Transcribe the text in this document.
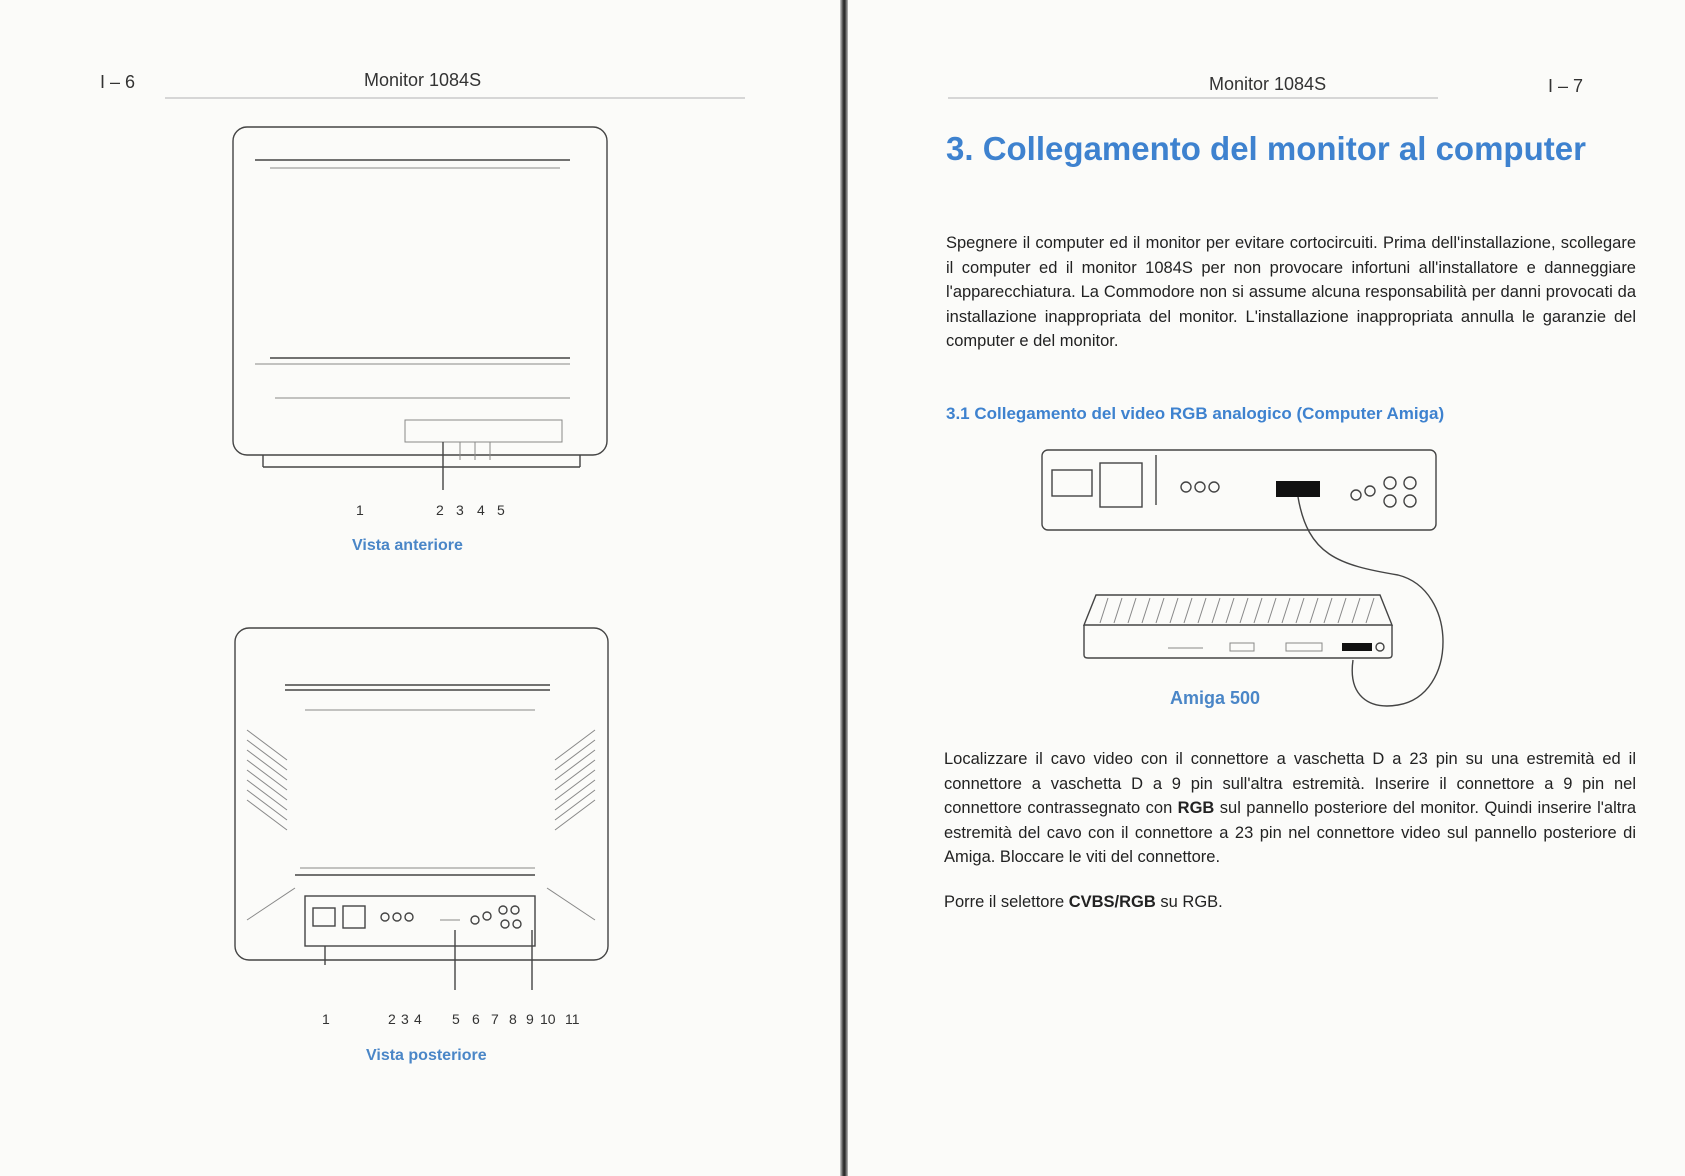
I – 6	Monitor 1084S
1	2 3 4 5
Vista anteriore
1	2 3 4 5 6 7 8 9 10 11
Vista posteriore
Monitor 1084S	I – 7
3. Collegamento del monitor al computer

Spegnere il computer ed il monitor per evitare cortocircuiti. Prima dell'installazione, scollegare il computer ed il monitor 1084S per non provocare infortuni all'installatore e danneggiare l'apparecchiatura. La Commodore non si assume alcuna responsabilità per danni provocati da installazione inappropriata del monitor. L'installazione inappropriata annulla le garanzie del computer e del monitor.

3.1 Collegamento del video RGB analogico (Computer Amiga)
Amiga 500

Localizzare il cavo video con il connettore a vaschetta D a 23 pin su una estremità ed il connettore a vaschetta D a 9 pin sull'altra estremità. Inserire il connettore a 9 pin nel connettore contrassegnato con RGB sul pannello posteriore del monitor. Quindi inserire l'altra estremità del cavo con il connettore a 23 pin nel connettore video sul pannello posteriore di Amiga. Bloccare le viti del connettore.

Porre il selettore CVBS/RGB su RGB.
